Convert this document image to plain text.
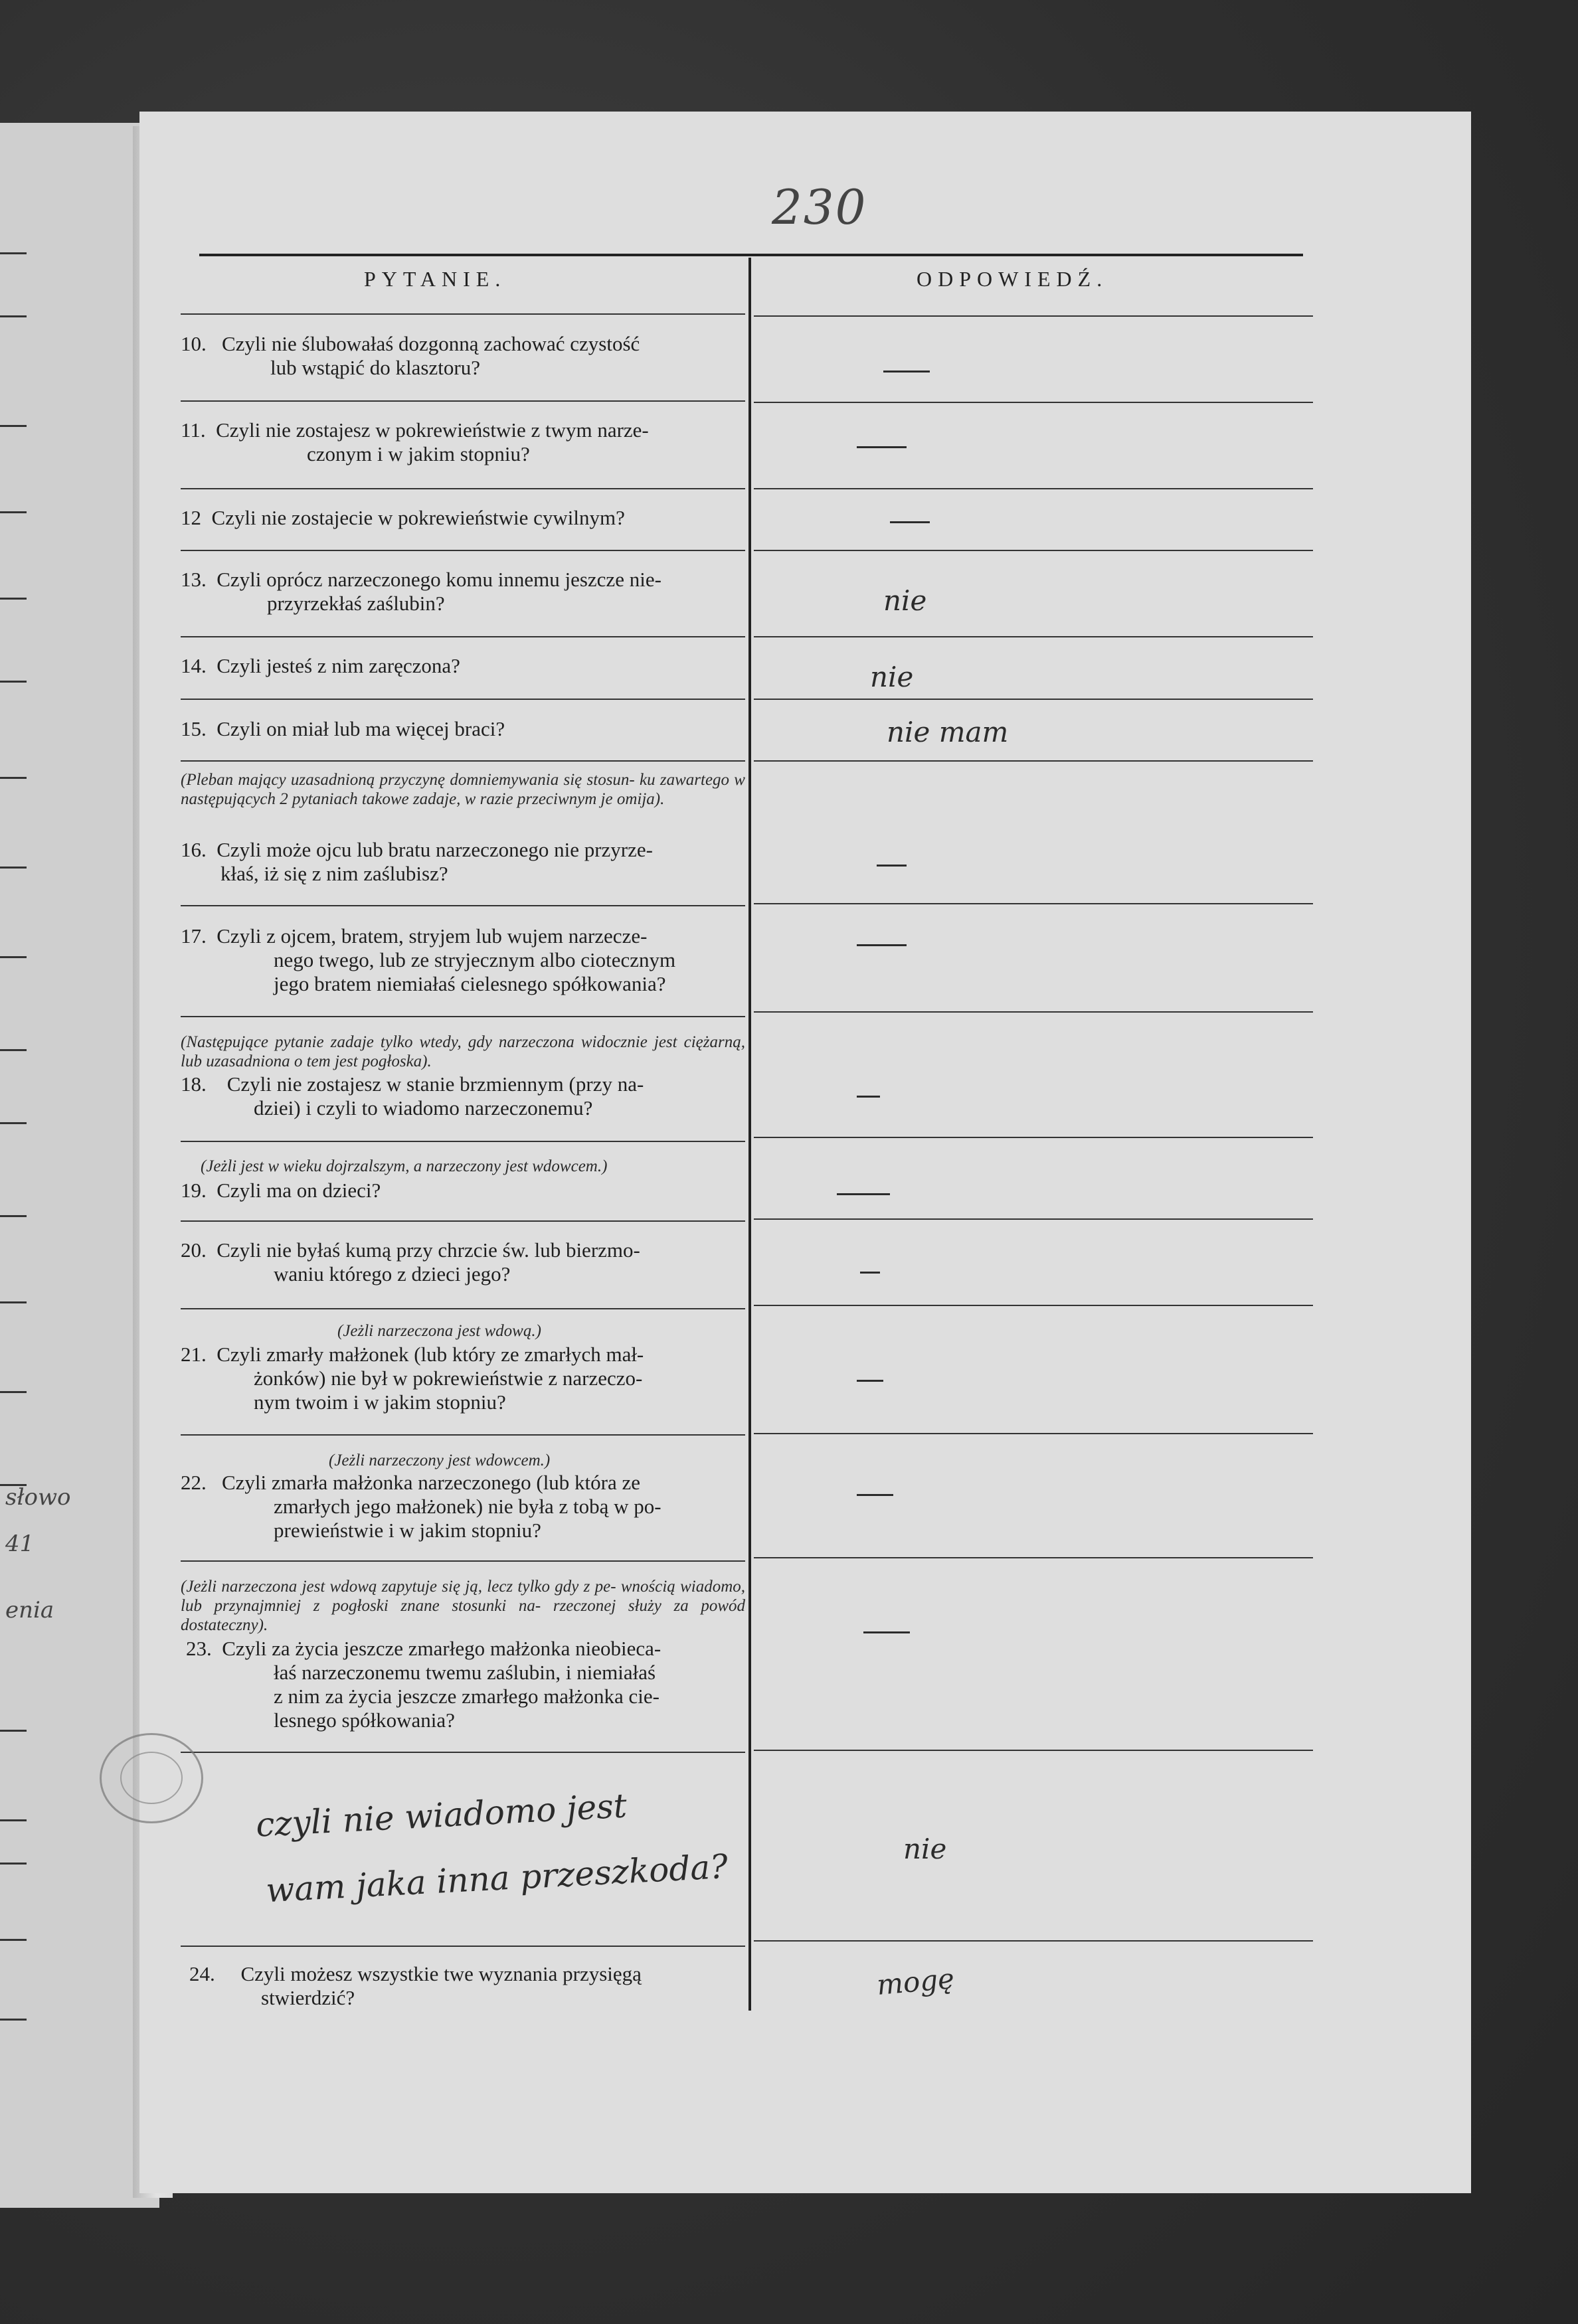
słowo
41
enia
230
PYTANIE.	ODPOWIEDŹ.
10. Czyli nie ślubowałaś dozgonną zachować czystość
lub wstąpić do klasztoru?
11. Czyli nie zostajesz w pokrewieństwie z twym narze-
czonym i w jakim stopniu?
12 Czyli nie zostajecie w pokrewieństwie cywilnym?
13. Czyli oprócz narzeczonego komu innemu jeszcze nie-
przyrzekłaś zaślubin?	nie
14. Czyli jesteś z nim zaręczona?	nie
15. Czyli on miał lub ma więcej braci?	nie mam
(Pleban mający uzasadnioną przyczynę domniemywania się stosun- ku zawartego w następujących 2 pytaniach takowe zadaje, w razie przeciwnym je omija).
16. Czyli może ojcu lub bratu narzeczonego nie przyrze-
kłaś, iż się z nim zaślubisz?
17. Czyli z ojcem, bratem, stryjem lub wujem narzecze-
nego twego, lub ze stryjecznym albo ciotecznym
jego bratem niemiałaś cielesnego spółkowania?
(Następujące pytanie zadaje tylko wtedy, gdy narzeczona widocznie jest ciężarną, lub uzasadniona o tem jest pogłoska).
18. Czyli nie zostajesz w stanie brzmiennym (przy na-
dziei) i czyli to wiadomo narzeczonemu?
(Jeżli jest w wieku dojrzalszym, a narzeczony jest wdowcem.)
19. Czyli ma on dzieci?
20. Czyli nie byłaś kumą przy chrzcie św. lub bierzmo-
waniu którego z dzieci jego?
(Jeżli narzeczona jest wdową.)
21. Czyli zmarły małżonek (lub który ze zmarłych mał-
żonków) nie był w pokrewieństwie z narzeczo-
nym twoim i w jakim stopniu?
(Jeżli narzeczony jest wdowcem.)
22. Czyli zmarła małżonka narzeczonego (lub która ze
zmarłych jego małżonek) nie była z tobą w po-
prewieństwie i w jakim stopniu?
(Jeżli narzeczona jest wdową zapytuje się ją, lecz tylko gdy z pe- wnością wiadomo, lub przynajmniej z pogłoski znane stosunki na- rzeczonej służy za powód dostateczny).
23. Czyli za życia jeszcze zmarłego małżonka nieobieca-
łaś narzeczonemu twemu zaślubin, i niemiałaś
z nim za życia jeszcze zmarłego małżonka cie-
lesnego spółkowania?
czyli nie wiadomo jest
wam jaka inna przeszkoda?	nie
24. Czyli możesz wszystkie twe wyznania przysięgą
stwierdzić?	mogę
